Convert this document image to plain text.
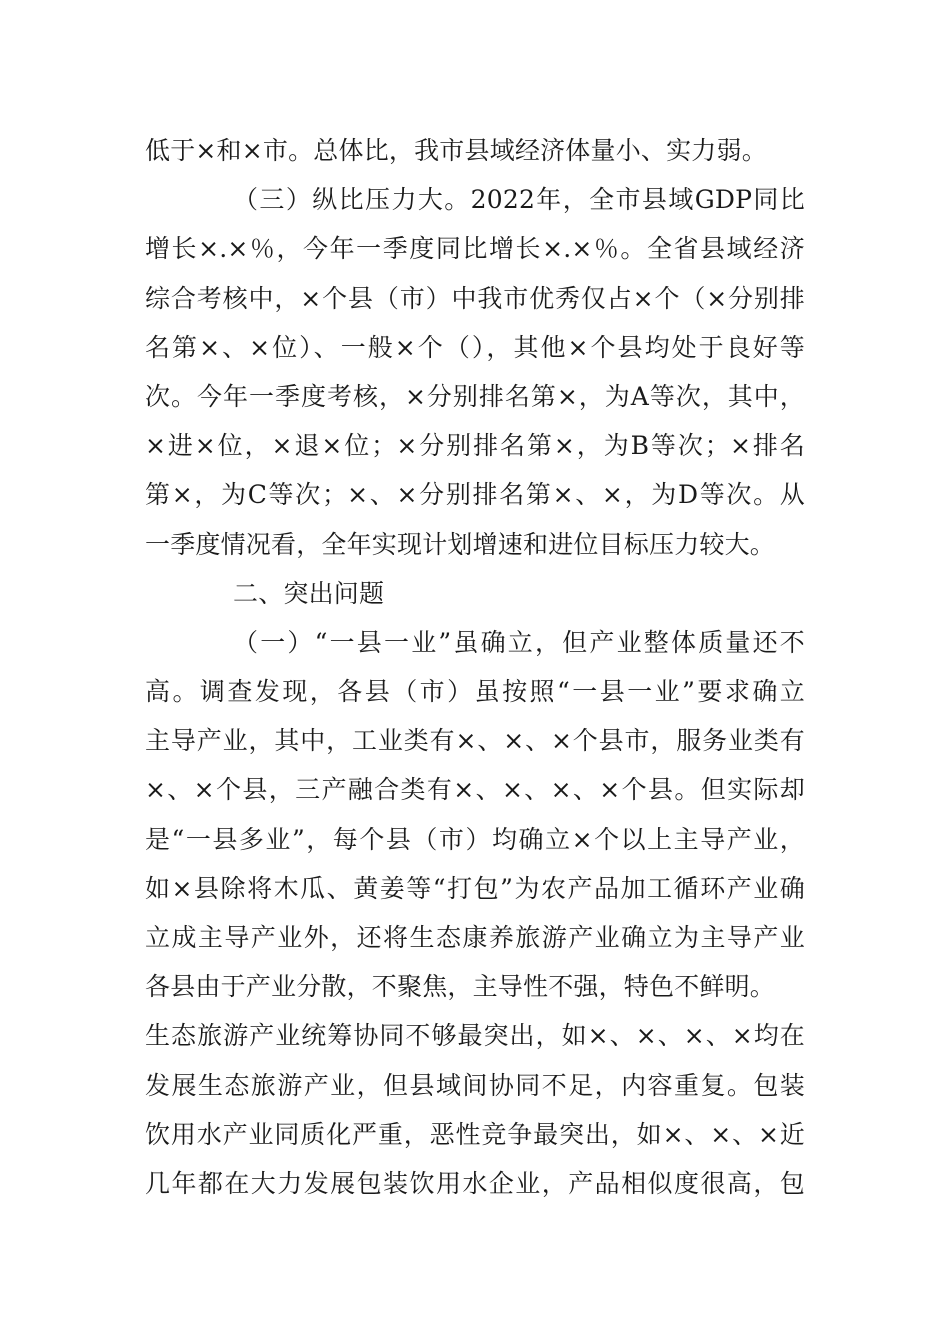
低于×和×市。总体比，我市县域经济体量小、实力弱。
（三）纵比压力大。2022年，全市县域GDP同比
增长×.×％，今年一季度同比增长×.×％。全省县域经济
综合考核中，×个县（市）中我市优秀仅占×个（×分别排
名第×、×位）、一般×个（），其他×个县均处于良好等
次。今年一季度考核，×分别排名第×，为A等次，其中，
×进×位，×退×位；×分别排名第×，为B等次；×排名
第×，为C等次；×、×分别排名第×、×，为D等次。从
一季度情况看，全年实现计划增速和进位目标压力较大。
二、突出问题
（一）“一县一业”虽确立，但产业整体质量还不
高。调查发现，各县（市）虽按照“一县一业”要求确立
主导产业，其中，工业类有×、×、×个县市，服务业类有
×、×个县，三产融合类有×、×、×、×个县。但实际却
是“一县多业”，每个县（市）均确立×个以上主导产业，
如×县除将木瓜、黄姜等“打包”为农产品加工循环产业确
立成主导产业外，还将生态康养旅游产业确立为主导产业
各县由于产业分散，不聚焦，主导性不强，特色不鲜明。
生态旅游产业统筹协同不够最突出，如×、×、×、×均在
发展生态旅游产业，但县域间协同不足，内容重复。包装
饮用水产业同质化严重，恶性竞争最突出，如×、×、×近
几年都在大力发展包装饮用水企业，产品相似度很高，包
